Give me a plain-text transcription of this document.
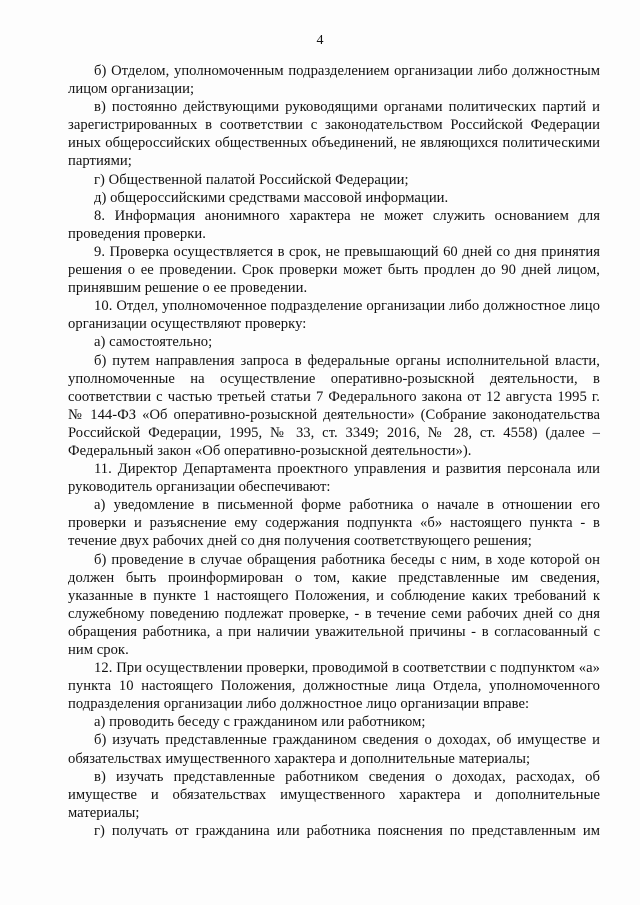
4

б) Отделом, уполномоченным подразделением организации либо должностным лицом организации;

в) постоянно действующими руководящими органами политических партий и зарегистрированных в соответствии с законодательством Российской Федерации иных общероссийских общественных объединений, не являющихся политическими партиями;

г) Общественной палатой Российской Федерации;

д) общероссийскими средствами массовой информации.

8. Информация анонимного характера не может служить основанием для проведения проверки.

9. Проверка осуществляется в срок, не превышающий 60 дней со дня принятия решения о ее проведении. Срок проверки может быть продлен до 90 дней лицом, принявшим решение о ее проведении.

10. Отдел, уполномоченное подразделение организации либо должностное лицо организации осуществляют проверку:

а) самостоятельно;

б) путем направления запроса в федеральные органы исполнительной власти, уполномоченные на осуществление оперативно-розыскной деятельности, в соответствии с частью третьей статьи 7 Федерального закона от 12 августа 1995 г. № 144-ФЗ «Об оперативно-розыскной деятельности» (Собрание законодательства Российской Федерации, 1995, № 33, ст. 3349; 2016, № 28, ст. 4558) (далее – Федеральный закон «Об оперативно-розыскной деятельности»).

11. Директор Департамента проектного управления и развития персонала или руководитель организации обеспечивают:

а) уведомление в письменной форме работника о начале в отношении его проверки и разъяснение ему содержания подпункта «б» настоящего пункта - в течение двух рабочих дней со дня получения соответствующего решения;

б) проведение в случае обращения работника беседы с ним, в ходе которой он должен быть проинформирован о том, какие представленные им сведения, указанные в пункте 1 настоящего Положения, и соблюдение каких требований к служебному поведению подлежат проверке, - в течение семи рабочих дней со дня обращения работника, а при наличии уважительной причины - в согласованный с ним срок.

12. При осуществлении проверки, проводимой в соответствии с подпунктом «а» пункта 10 настоящего Положения, должностные лица Отдела, уполномоченного подразделения организации либо должностное лицо организации вправе:

а) проводить беседу с гражданином или работником;

б) изучать представленные гражданином сведения о доходах, об имуществе и обязательствах имущественного характера и дополнительные материалы;

в) изучать представленные работником сведения о доходах, расходах, об имуществе и обязательствах имущественного характера и дополнительные материалы;

г) получать от гражданина или работника пояснения по представленным им
